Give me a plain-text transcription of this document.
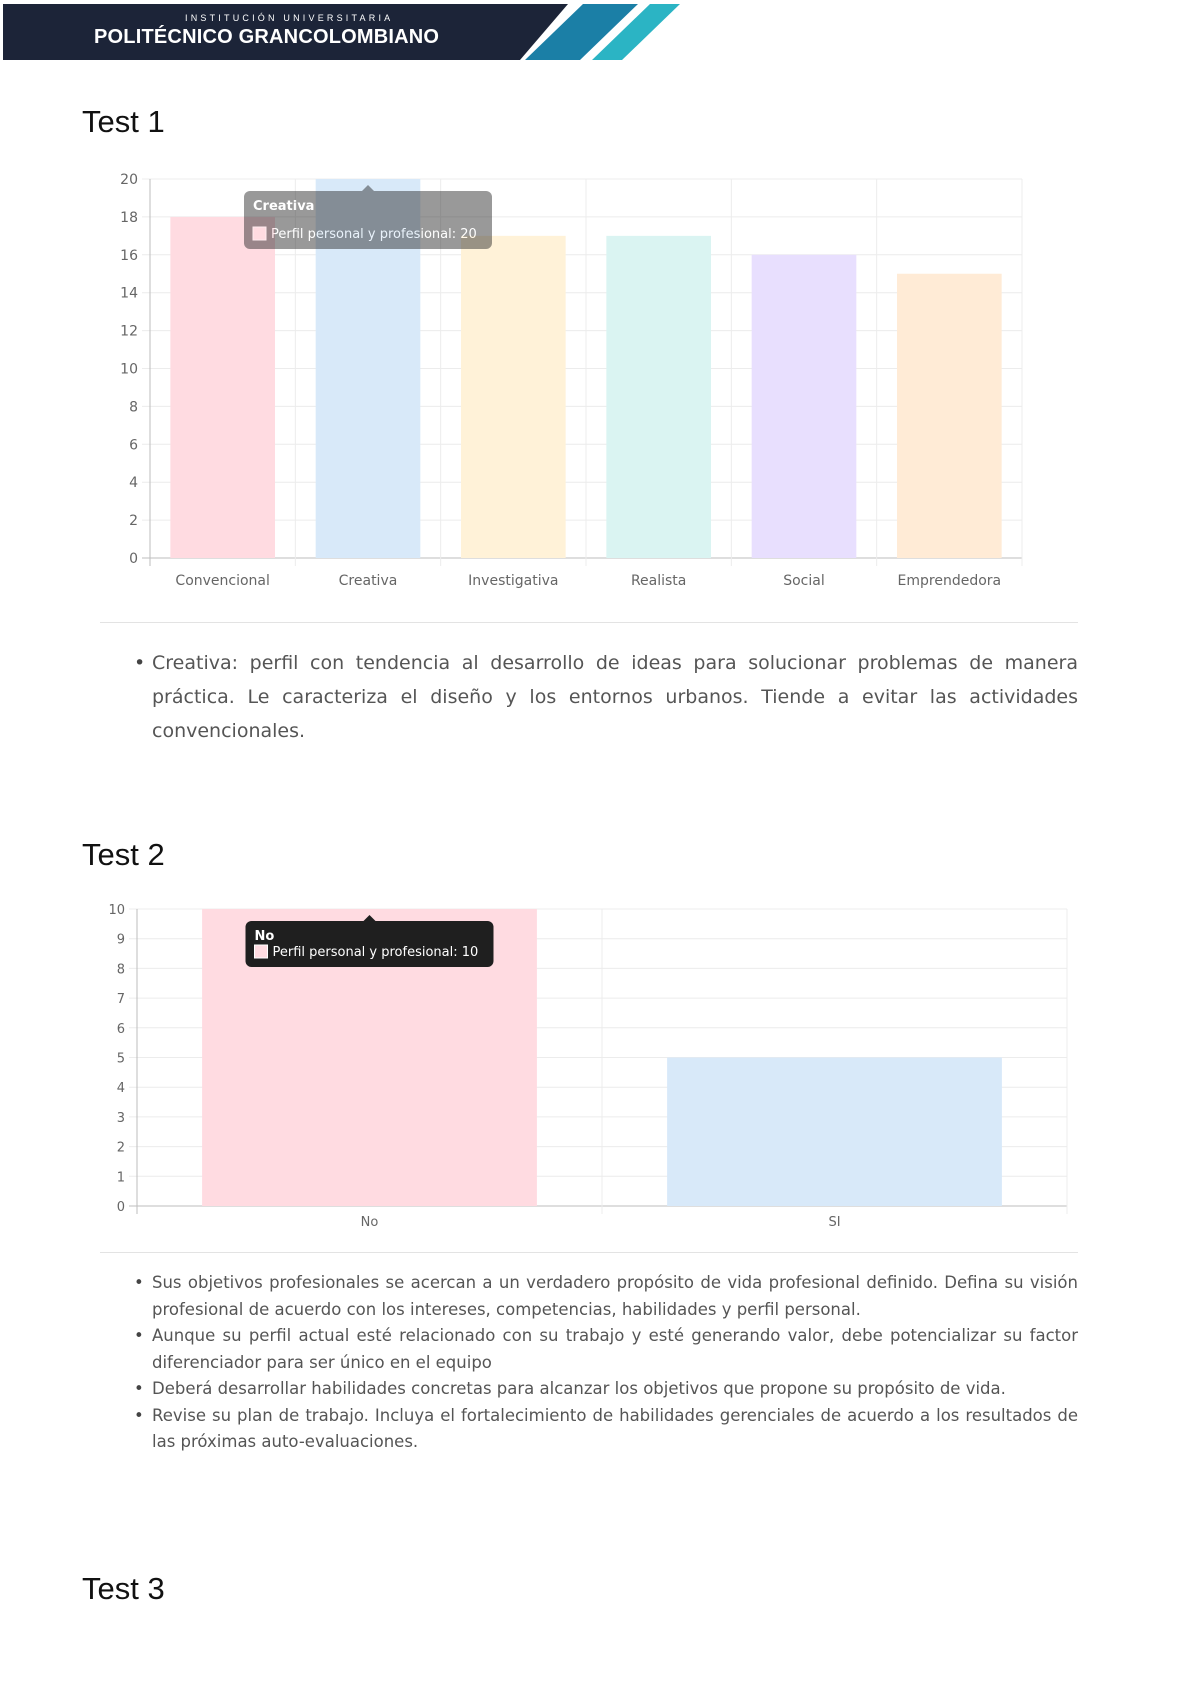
INSTITUCIÓN UNIVERSITARIA
POLITÉCNICO GRANCOLOMBIANO
Test 1
0
2
4
6
8
10
12
14
16
18
20
Convencional	Creativa	Investigativa	Realista	Social	Emprendedora
Creativa
Perfil personal y profesional: 20
• Creativa: perfil con tendencia al desarrollo de ideas para solucionar problemas de manera práctica. Le caracteriza el diseño y los entornos urbanos. Tiende a evitar las actividades convencionales.
Test 2
0
1
2
3
4
5
6
7
8
9
10
No	SI
No
Perfil personal y profesional: 10
• Sus objetivos profesionales se acercan a un verdadero propósito de vida profesional definido. Defina su visión profesional de acuerdo con los intereses, competencias, habilidades y perfil personal.
• Aunque su perfil actual esté relacionado con su trabajo y esté generando valor, debe potencializar su factor diferenciador para ser único en el equipo
• Deberá desarrollar habilidades concretas para alcanzar los objetivos que propone su propósito de vida.
• Revise su plan de trabajo. Incluya el fortalecimiento de habilidades gerenciales de acuerdo a los resultados de las próximas auto-evaluaciones.
Test 3
